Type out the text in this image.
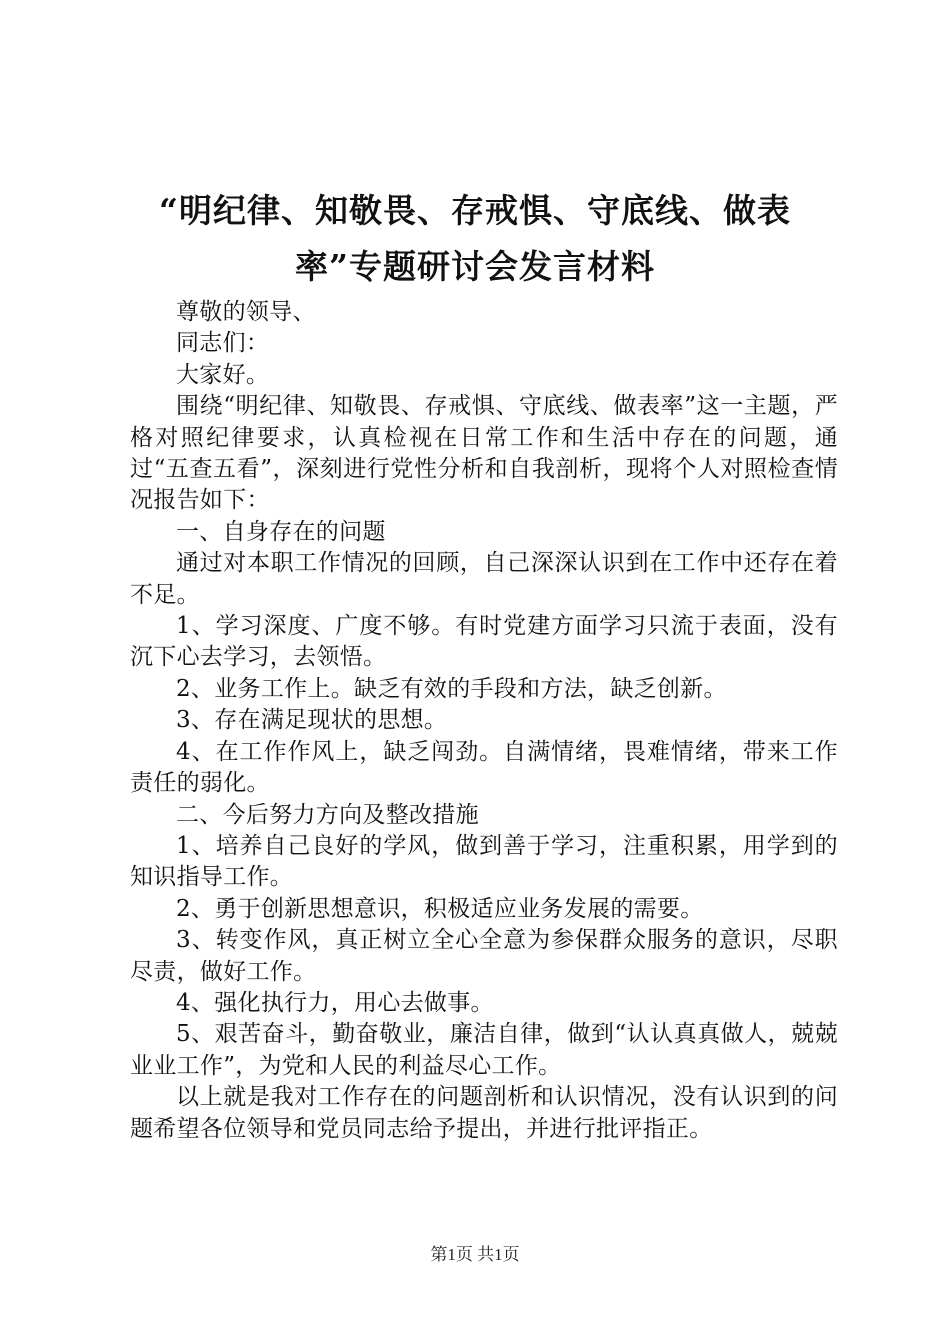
“明纪律、知敬畏、存戒惧、守底线、做表
率”专题研讨会发言材料

尊敬的领导、

同志们：

大家好。

围绕“明纪律、知敬畏、存戒惧、守底线、做表率”这一主题，严格对照纪律要求，认真检视在日常工作和生活中存在的问题，通过“五查五看”，深刻进行党性分析和自我剖析，现将个人对照检查情况报告如下：

一、自身存在的问题

通过对本职工作情况的回顾，自己深深认识到在工作中还存在着不足。

1、学习深度、广度不够。有时党建方面学习只流于表面，没有沉下心去学习，去领悟。

2、业务工作上。缺乏有效的手段和方法，缺乏创新。

3、存在满足现状的思想。

4、在工作作风上，缺乏闯劲。自满情绪，畏难情绪，带来工作责任的弱化。

二、今后努力方向及整改措施

1、培养自己良好的学风，做到善于学习，注重积累，用学到的知识指导工作。

2、勇于创新思想意识，积极适应业务发展的需要。

3、转变作风，真正树立全心全意为参保群众服务的意识，尽职尽责，做好工作。

4、强化执行力，用心去做事。

5、艰苦奋斗，勤奋敬业，廉洁自律，做到“认认真真做人，兢兢业业工作”，为党和人民的利益尽心工作。

以上就是我对工作存在的问题剖析和认识情况，没有认识到的问题希望各位领导和党员同志给予提出，并进行批评指正。

第1页 共1页
